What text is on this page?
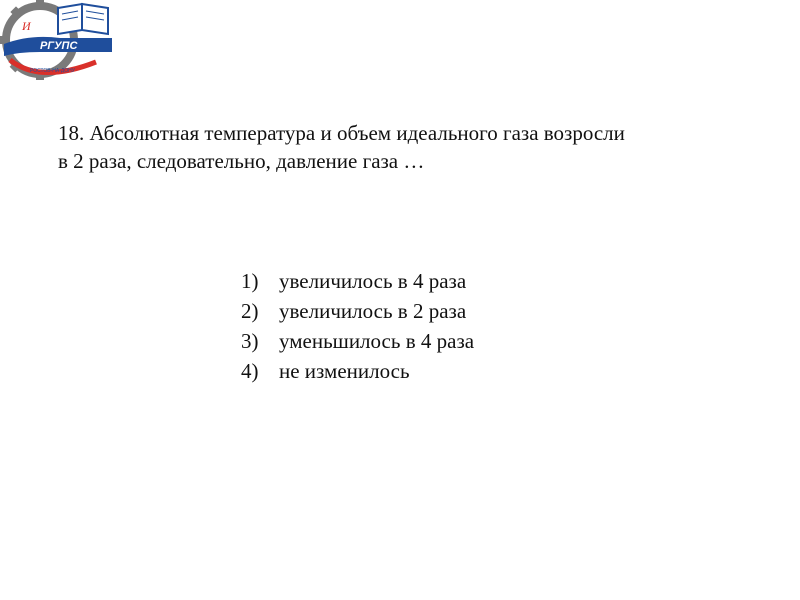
И
РГУПС
РОСТОВ-НА-ДОНУ
18. Абсолютная температура и объем идеального газа возросли
в 2 раза, следовательно, давление газа …
1) увеличилось в 4 раза
2) увеличилось в 2 раза
3) уменьшилось в 4 раза
4) не изменилось
